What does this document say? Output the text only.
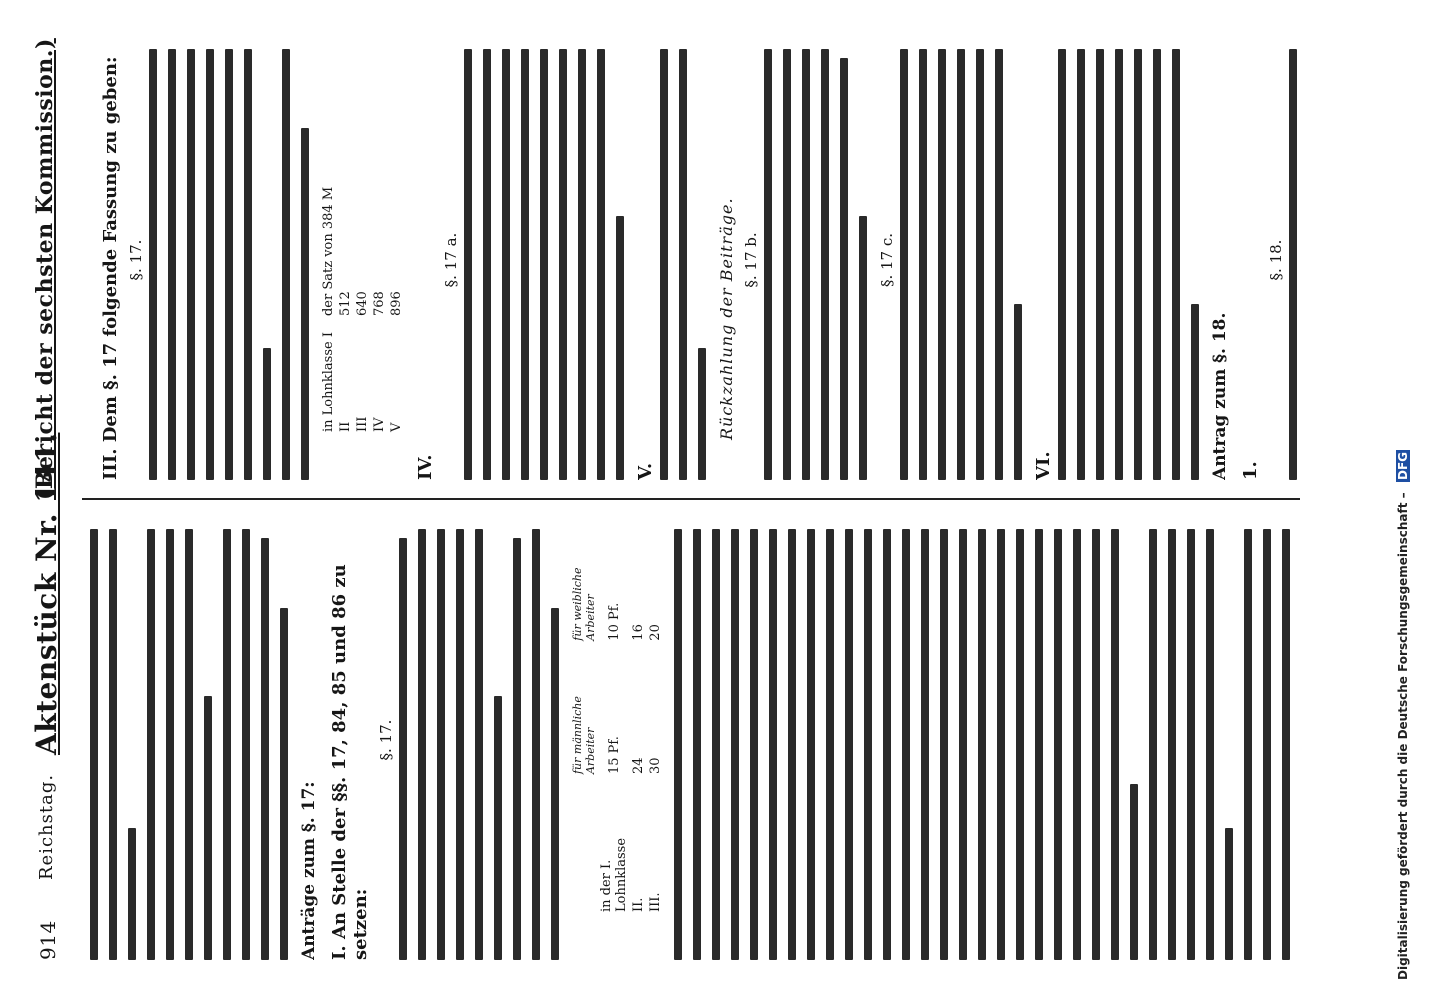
914
Reichstag.
Aktenstück Nr. 141.
(Bericht der sechsten Kommission.)
Anträge zum §. 17: I. An Stelle der §§. 17, 84, 85 und 86 zu setzen:
§. 17.
		für männliche Arbeiter	für weibliche Arbeiter
in der I. Lohnklasse	15 Pf.	10 Pf.
II.	24	16
III.	30	20
III. Dem §. 17 folgende Fassung zu geben: §. 17.
in Lohnklasse I	der Satz von 384 M
II	512
III	640
IV	768
V	896
IV.
§. 17 a.
V.
Rückzahlung der Beiträge. §. 17 b.	§. 17 c.
VI.	Antrag zum §. 18. 1.
§. 18.

Digitalisierung gefördert durch die Deutsche Forschungsgemeinschaft – DFG
